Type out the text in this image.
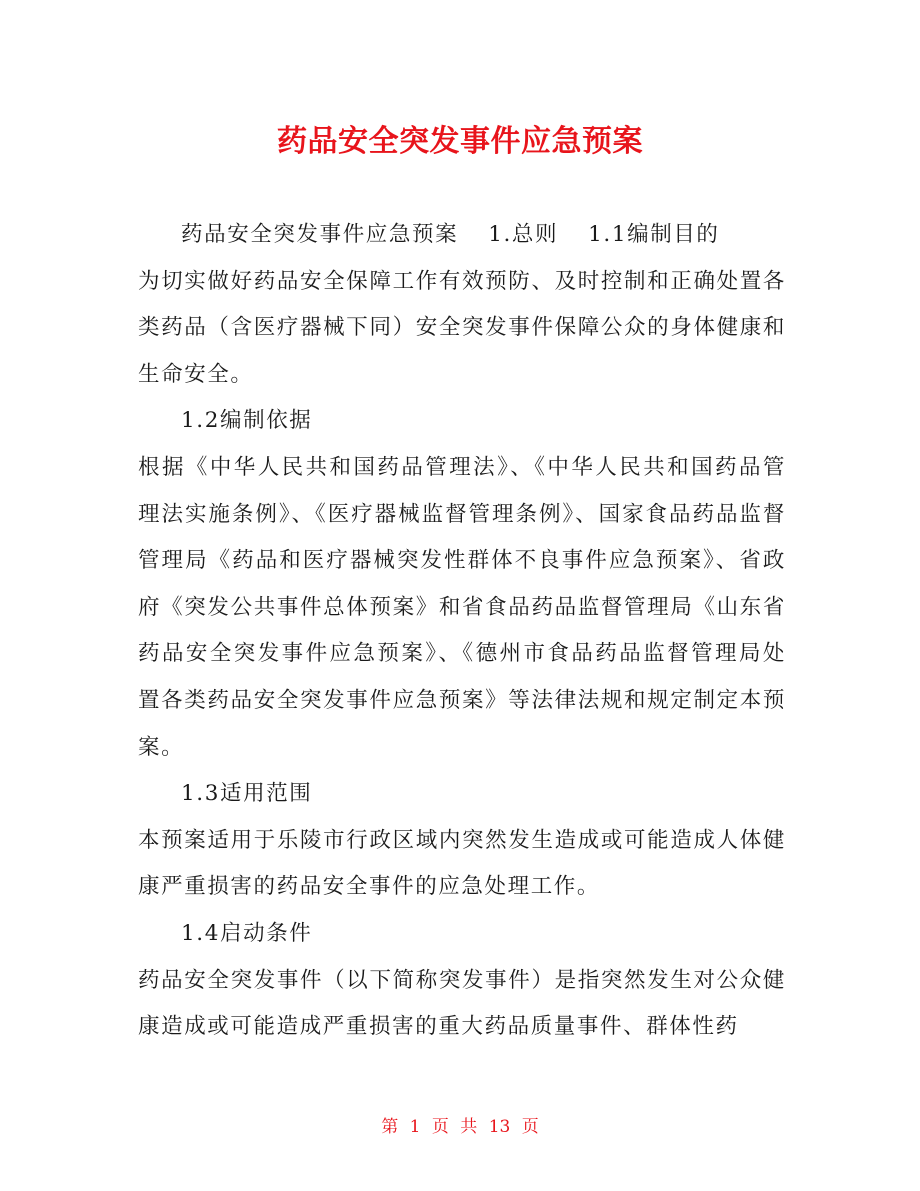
药品安全突发事件应急预案

药品安全突发事件应急预案 1.总则 1.1编制目的

为切实做好药品安全保障工作有效预防、及时控制和正确处置各类药品（含医疗器械下同）安全突发事件保障公众的身体健康和生命安全。

1.2编制依据

根据《中华人民共和国药品管理法》、《中华人民共和国药品管理法实施条例》、《医疗器械监督管理条例》、国家食品药品监督管理局《药品和医疗器械突发性群体不良事件应急预案》、省政府《突发公共事件总体预案》和省食品药品监督管理局《山东省药品安全突发事件应急预案》、《德州市食品药品监督管理局处置各类药品安全突发事件应急预案》等法律法规和规定制定本预案。

1.3适用范围

本预案适用于乐陵市行政区域内突然发生造成或可能造成人体健康严重损害的药品安全事件的应急处理工作。

1.4启动条件

药品安全突发事件（以下简称突发事件）是指突然发生对公众健康造成或可能造成严重损害的重大药品质量事件、群体性药

第 1 页 共 13 页
